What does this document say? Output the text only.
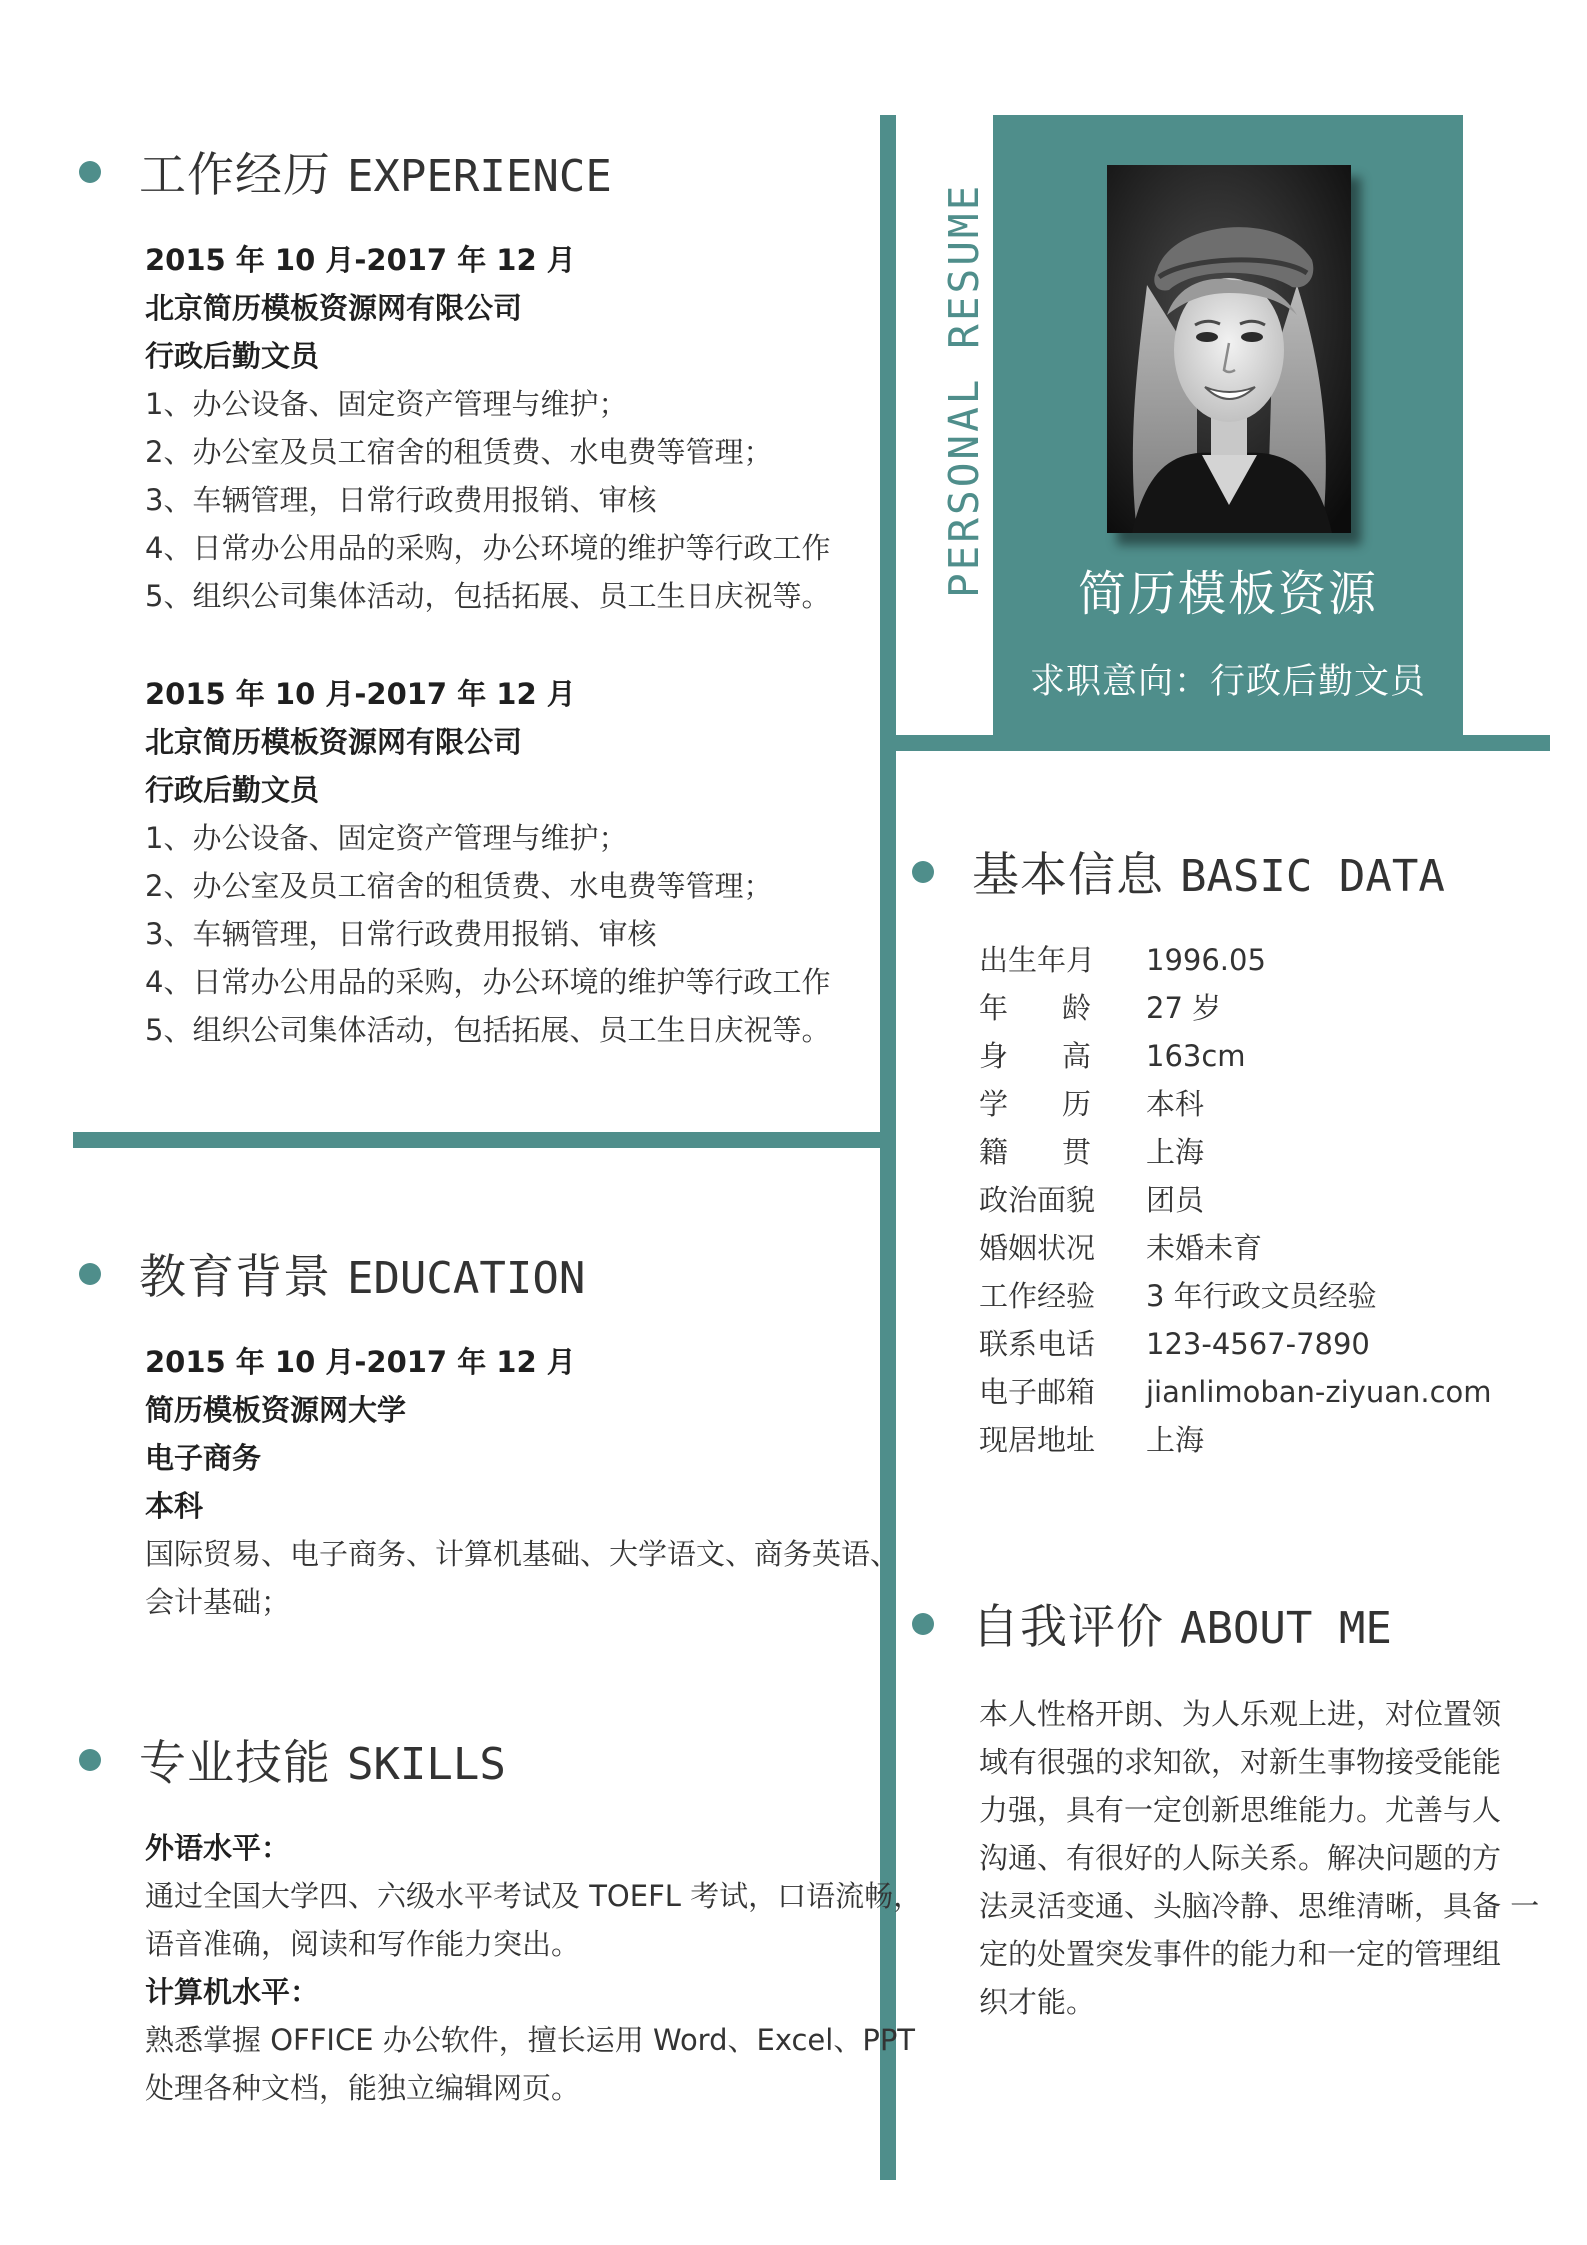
PERSONAL RESUME	简历模板资源
求职意向：行政后勤文员
工作经历 EXPERIENCE
2015 年 10 月-2017 年 12 月
北京简历模板资源网有限公司
行政后勤文员
1、办公设备、固定资产管理与维护；
2、办公室及员工宿舍的租赁费、水电费等管理；
3、车辆管理，日常行政费用报销、审核
4、日常办公用品的采购，办公环境的维护等行政工作
5、组织公司集体活动，包括拓展、员工生日庆祝等。
2015 年 10 月-2017 年 12 月
北京简历模板资源网有限公司
行政后勤文员
1、办公设备、固定资产管理与维护；
2、办公室及员工宿舍的租赁费、水电费等管理；
3、车辆管理，日常行政费用报销、审核
4、日常办公用品的采购，办公环境的维护等行政工作
5、组织公司集体活动，包括拓展、员工生日庆祝等。
教育背景 EDUCATION
2015 年 10 月-2017 年 12 月
简历模板资源网大学
电子商务
本科
国际贸易、电子商务、计算机基础、大学语文、商务英语、
会计基础；
专业技能 SKILLS
外语水平：
通过全国大学四、六级水平考试及 TOEFL 考试，口语流畅，
语音准确，阅读和写作能力突出。
计算机水平：
熟悉掌握 OFFICE 办公软件，擅长运用 Word、Excel、PPT
处理各种文档，能独立编辑网页。
基本信息 BASIC DATA
出生年月 1996.05
年 龄 27 岁
身 高 163cm
学 历 本科
籍 贯 上海
政治面貌 团员
婚姻状况 未婚未育
工作经验 3 年行政文员经验
联系电话 123-4567-7890
电子邮箱 jianlimoban-ziyuan.com
现居地址 上海
自我评价 ABOUT ME
本人性格开朗、为人乐观上进，对位置领
域有很强的求知欲，对新生事物接受能能
力强，具有一定创新思维能力。尤善与人
沟通、有很好的人际关系。解决问题的方
法灵活变通、头脑冷静、思维清晰，具备 一
定的处置突发事件的能力和一定的管理组
织才能。
